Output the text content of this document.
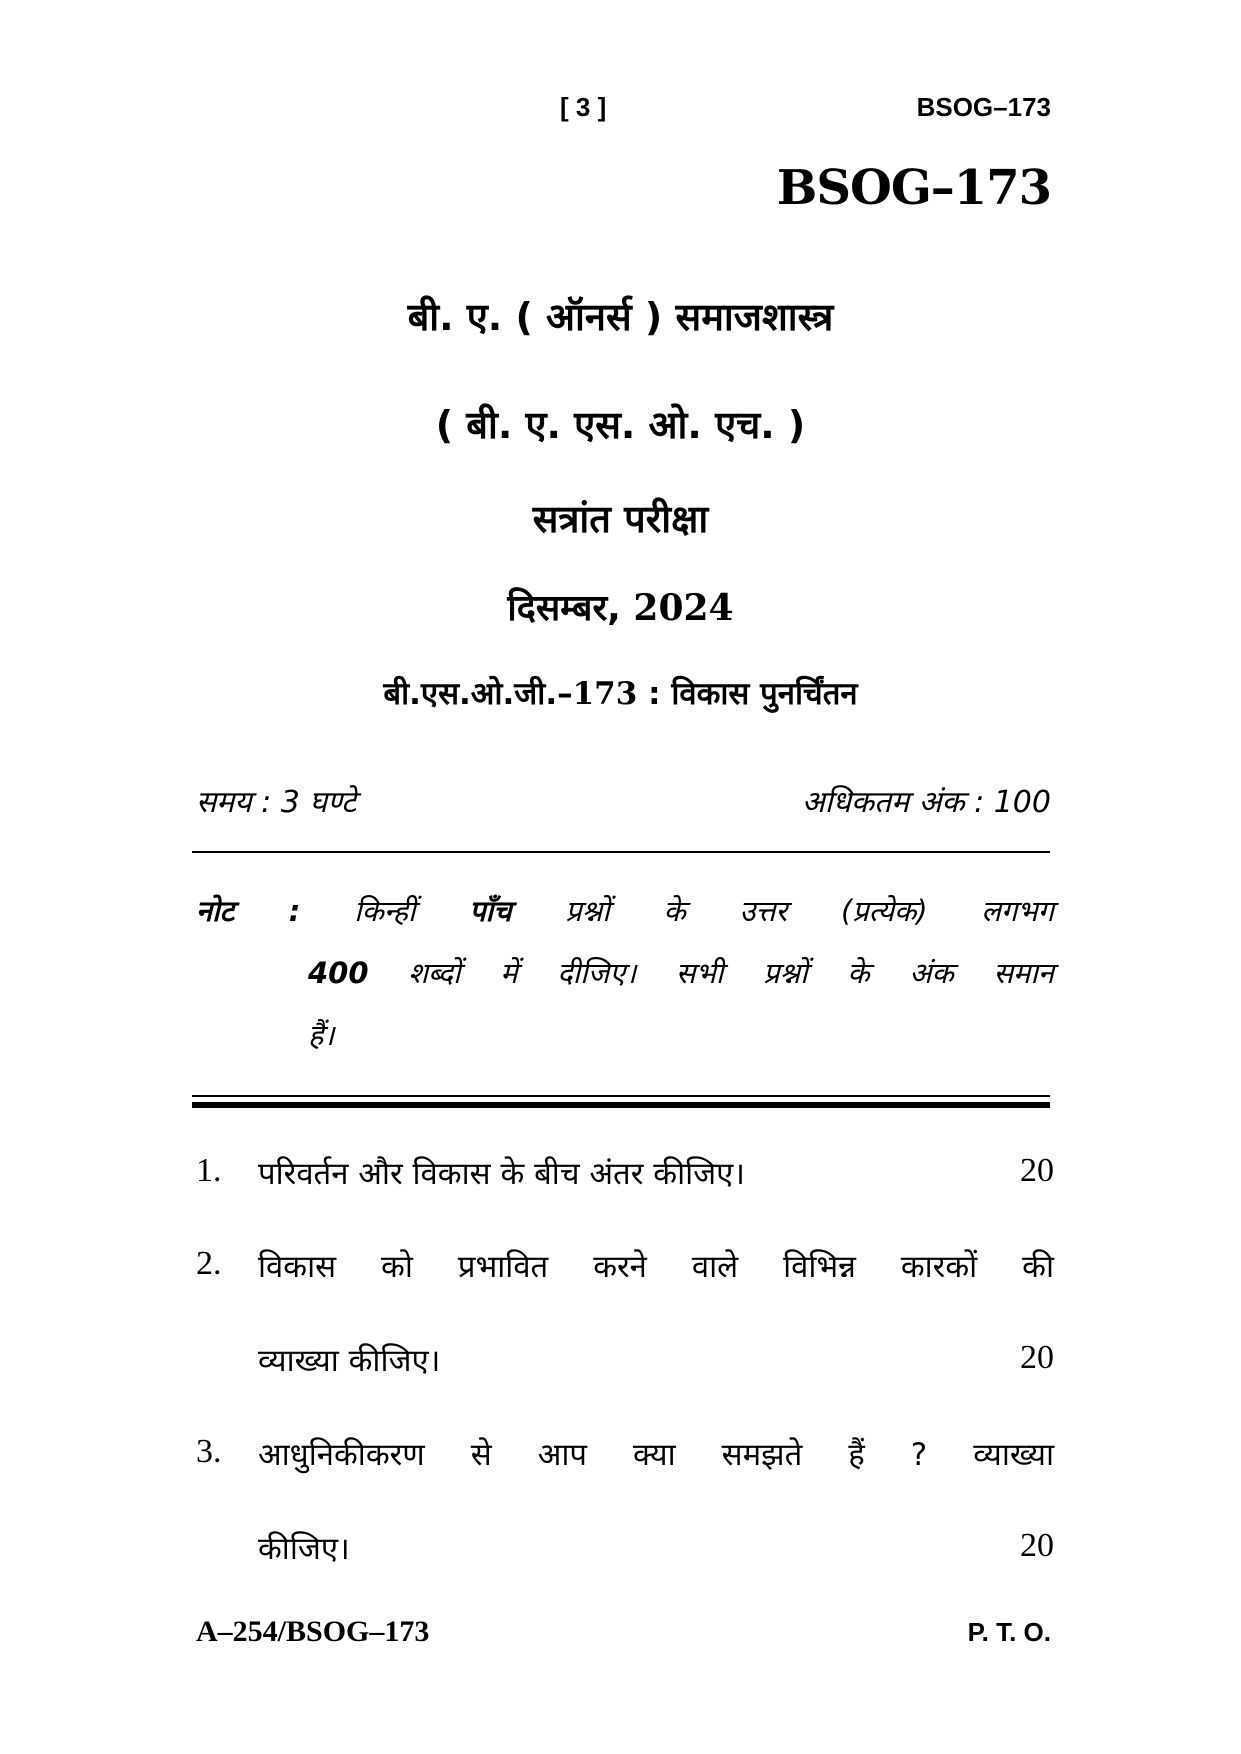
[ 3 ]	BSOG–173
BSOG–173
बी. ए. ( ऑनर्स ) समाजशास्त्र
( बी. ए. एस. ओ. एच. )
सत्रांत परीक्षा
दिसम्बर, 2024
बी.एस.ओ.जी.–173 : विकास पुनर्चिंतन
समय : 3 घण्टे	अधिकतम अंक : 100
नोट : किन्हीं पाँच प्रश्नों के उत्तर (प्रत्येक) लगभग
400 शब्दों में दीजिए। सभी प्रश्नों के अंक समान
हैं।
1. परिवर्तन और विकास के बीच अंतर कीजिए।	20
2. विकास को प्रभावित करने वाले विभिन्न कारकों की
व्याख्या कीजिए।	20
3. आधुनिकीकरण से आप क्या समझते हैं ? व्याख्या
कीजिए।	20
A–254/BSOG–173	P. T. O.
